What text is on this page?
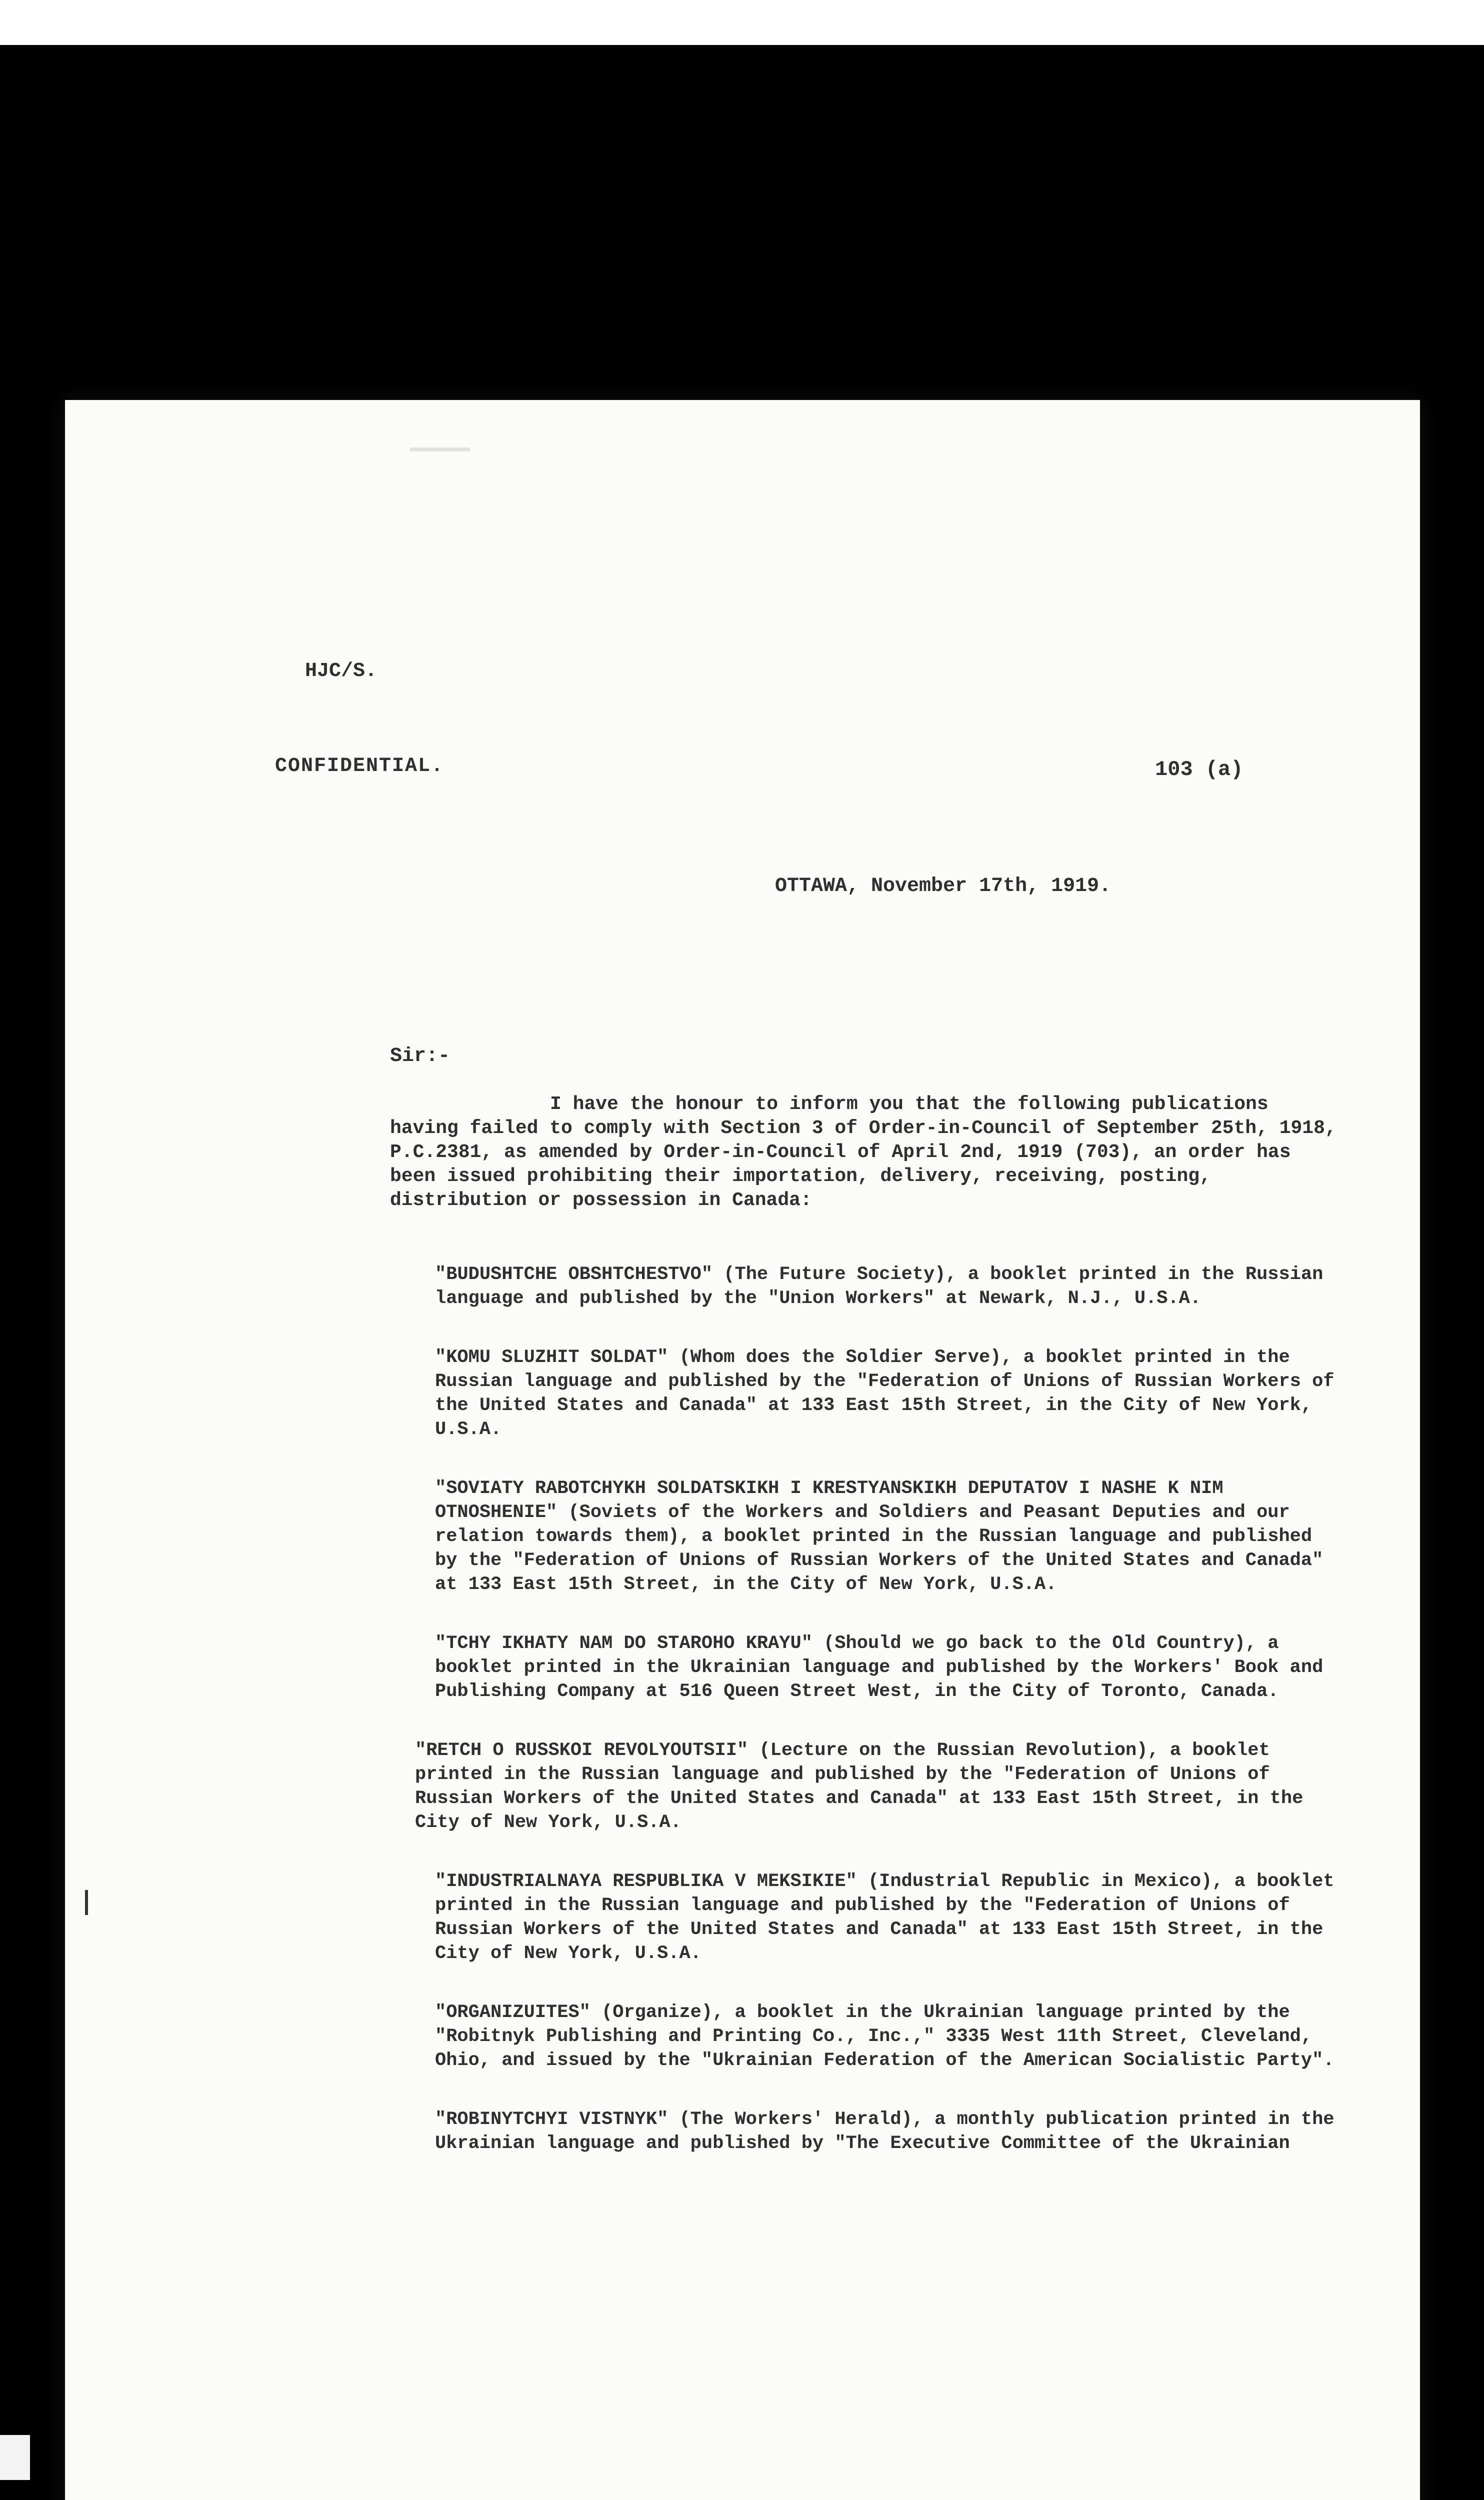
HJC/S.
CONFIDENTIAL.	103 (a)
OTTAWA, November 17th, 1919.
Sir:-

I have the honour to inform you that the following publications having failed to comply with Section 3 of Order-in-Council of September 25th, 1918, P.C.2381, as amended by Order-in-Council of April 2nd, 1919 (703), an order has been issued prohibiting their importation, delivery, receiving, posting, distribution or possession in Canada:

"BUDUSHTCHE OBSHTCHESTVO" (The Future Society), a booklet printed in the Russian language and published by the "Union Workers" at Newark, N.J., U.S.A.

"KOMU SLUZHIT SOLDAT" (Whom does the Soldier Serve), a booklet printed in the Russian language and published by the "Federation of Unions of Russian Workers of the United States and Canada" at 133 East 15th Street, in the City of New York, U.S.A.

"SOVIATY RABOTCHYKH SOLDATSKIKH I KRESTYANSKIKH DEPUTATOV I NASHE K NIM OTNOSHENIE" (Soviets of the Workers and Soldiers and Peasant Deputies and our relation towards them), a booklet printed in the Russian language and published by the "Federation of Unions of Russian Workers of the United States and Canada" at 133 East 15th Street, in the City of New York, U.S.A.

"TCHY IKHATY NAM DO STAROHO KRAYU" (Should we go back to the Old Country), a booklet printed in the Ukrainian language and published by the Workers' Book and Publishing Company at 516 Queen Street West, in the City of Toronto, Canada.

"RETCH O RUSSKOI REVOLYOUTSII" (Lecture on the Russian Revolution), a booklet printed in the Russian language and published by the "Federation of Unions of Russian Workers of the United States and Canada" at 133 East 15th Street, in the City of New York, U.S.A.

"INDUSTRIALNAYA RESPUBLIKA V MEKSIKIE" (Industrial Republic in Mexico), a booklet printed in the Russian language and published by the "Federation of Unions of Russian Workers of the United States and Canada" at 133 East 15th Street, in the City of New York, U.S.A.

"ORGANIZUITES" (Organize), a booklet in the Ukrainian language printed by the "Robitnyk Publishing and Printing Co., Inc.," 3335 West 11th Street, Cleveland, Ohio, and issued by the "Ukrainian Federation of the American Socialistic Party".

"ROBINYTCHYI VISTNYK" (The Workers' Herald), a monthly publication printed in the Ukrainian language and published by "The Executive Committee of the Ukrainian
